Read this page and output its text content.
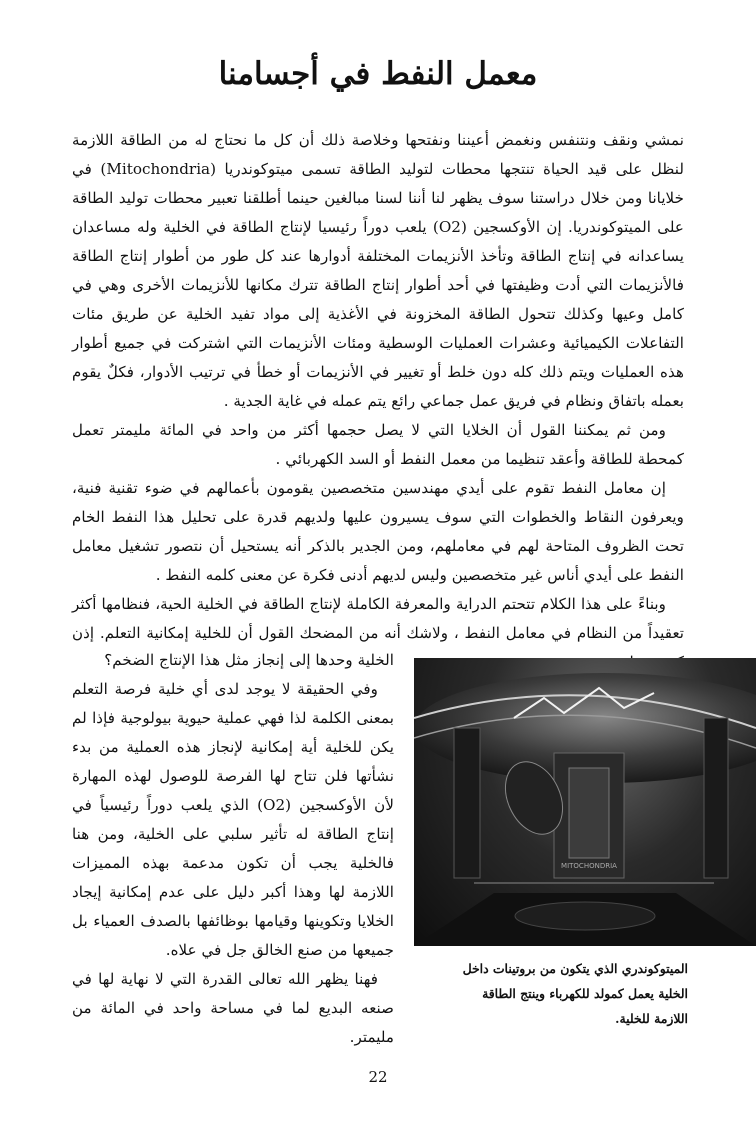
معمل النفط في أجسامنا

نمشي ونقف ونتنفس ونغمض أعيننا ونفتحها وخلاصة ذلك أن كل ما نحتاج له من الطاقة اللازمة لنظل على قيد الحياة تنتجها محطات لتوليد الطاقة تسمى ميتوكوندريا (Mitochondria) في خلايانا ومن خلال دراستنا سوف يظهر لنا أننا لسنا مبالغين حينما أطلقنا تعبير محطات توليد الطاقة على الميتوكوندريا. إن الأوكسجين (O2) يلعب دوراً رئيسيا لإنتاج الطاقة في الخلية وله مساعدان يساعدانه في إنتاج الطاقة وتأخذ الأنزيمات المختلفة أدوارها عند كل طور من أطوار إنتاج الطاقة فالأنزيمات التي أدت وظيفتها في أحد أطوار إنتاج الطاقة تترك مكانها للأنزيمات الأخرى وهي في كامل وعيها وكذلك تتحول الطاقة المخزونة في الأغذية إلى مواد تفيد الخلية عن طريق مئات التفاعلات الكيميائية وعشرات العمليات الوسطية ومئات الأنزيمات التي اشتركت في جميع أطوار هذه العمليات ويتم ذلك كله دون خلط أو تغيير في الأنزيمات أو خطأ في ترتيب الأدوار، فكلٌ يقوم بعمله باتفاق ونظام في فريق عمل جماعي رائع يتم عمله في غاية الجدية .

ومن ثم يمكننا القول أن الخلايا التي لا يصل حجمها أكثر من واحد في المائة مليمتر تعمل كمحطة للطاقة وأعقد تنظيما من معمل النفط أو السد الكهربائي .

إن معامل النفط تقوم على أيدي مهندسين متخصصين يقومون بأعمالهم في ضوء تقنية فنية، ويعرفون النقاط والخطوات التي سوف يسيرون عليها ولديهم قدرة على تحليل هذا النفط الخام تحت الظروف المتاحة لهم في معاملهم، ومن الجدير بالذكر أنه يستحيل أن نتصور تشغيل معامل النفط على أيدي أناس غير متخصصين وليس لديهم أدنى فكرة عن معنى كلمه النفط .

وبناءً على هذا الكلام تتحتم الدراية والمعرفة الكاملة لإنتاج الطاقة في الخلية الحية، فنظامها أكثر تعقيداً من النظام في معامل النفط ، ولاشك أنه من المضحك القول أن للخلية إمكانية التعلم. إذن

MITOCHONDRIA

الميتوكوندري الذي يتكون من بروتينات داخل الخلية يعمل كمولد للكهرباء وينتج الطاقة اللازمة للخلية.

الخلية وحدها إلى إنجاز مثل هذا الإنتاج الضخم؟

وفي الحقيقة لا يوجد لدى أي خلية فرصة التعلم بمعنى الكلمة لذا فهي عملية حيوية بيولوجية فإذا لم يكن للخلية أية إمكانية لإنجاز هذه العملية من بدء نشأتها فلن تتاح لها الفرصة للوصول لهذه المهارة لأن الأوكسجين (O2) الذي يلعب دوراً رئيسياً في إنتاج الطاقة له تأثير سلبي على الخلية، ومن هنا فالخلية يجب أن تكون مدعمة بهذه المميزات اللازمة لها وهذا أكبر دليل على عدم إمكانية إيجاد الخلايا وتكوينها وقيامها بوظائفها بالصدف العمياء بل جميعها من صنع الخالق جل في علاه.

فهنا يظهر الله تعالى القدرة التي لا نهاية لها في صنعه البديع لما في مساحة واحد في المائة من مليمتر.

22
